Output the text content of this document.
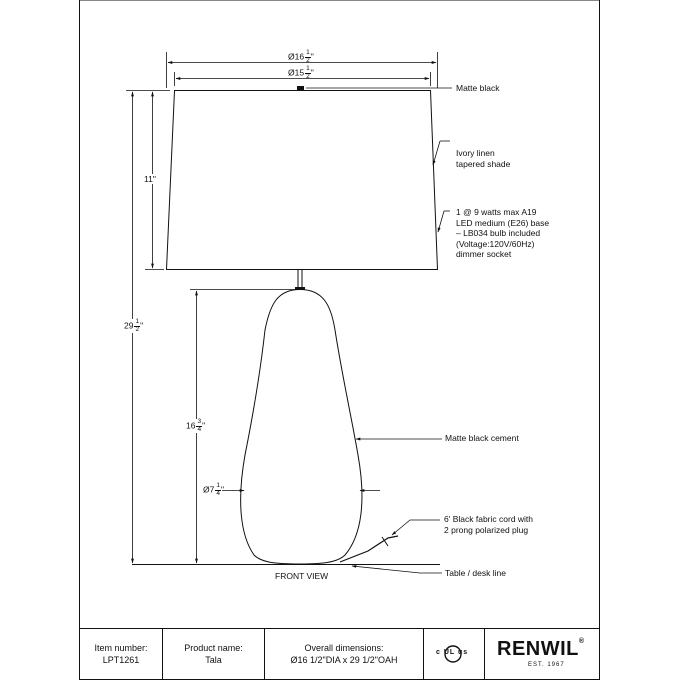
Ø16 $\frac{1}{2}$ "
Ø15 $\frac{1}{2}$ "
11"
$29 \frac{1}{2}$ "
$16 \frac{3}{4}$ "
Ø7 $\frac{1}{4}$ "
Matte black
Ivory linen
tapered shade
1 @ 9 watts max A19
LED medium (E26) base
– LB034 bulb included
(Voltage:120V/60Hz)
dimmer socket
Matte black cement
6' Black fabric cord with
2 prong polarized plug
Table / desk line
FRONT VIEW
Item number:
LPT1261
Product name:
Tala
Overall dimensions:
Ø16 1/2"DIA x 29 1/2"OAH
c UL us RENWIL®
EST. 1967
